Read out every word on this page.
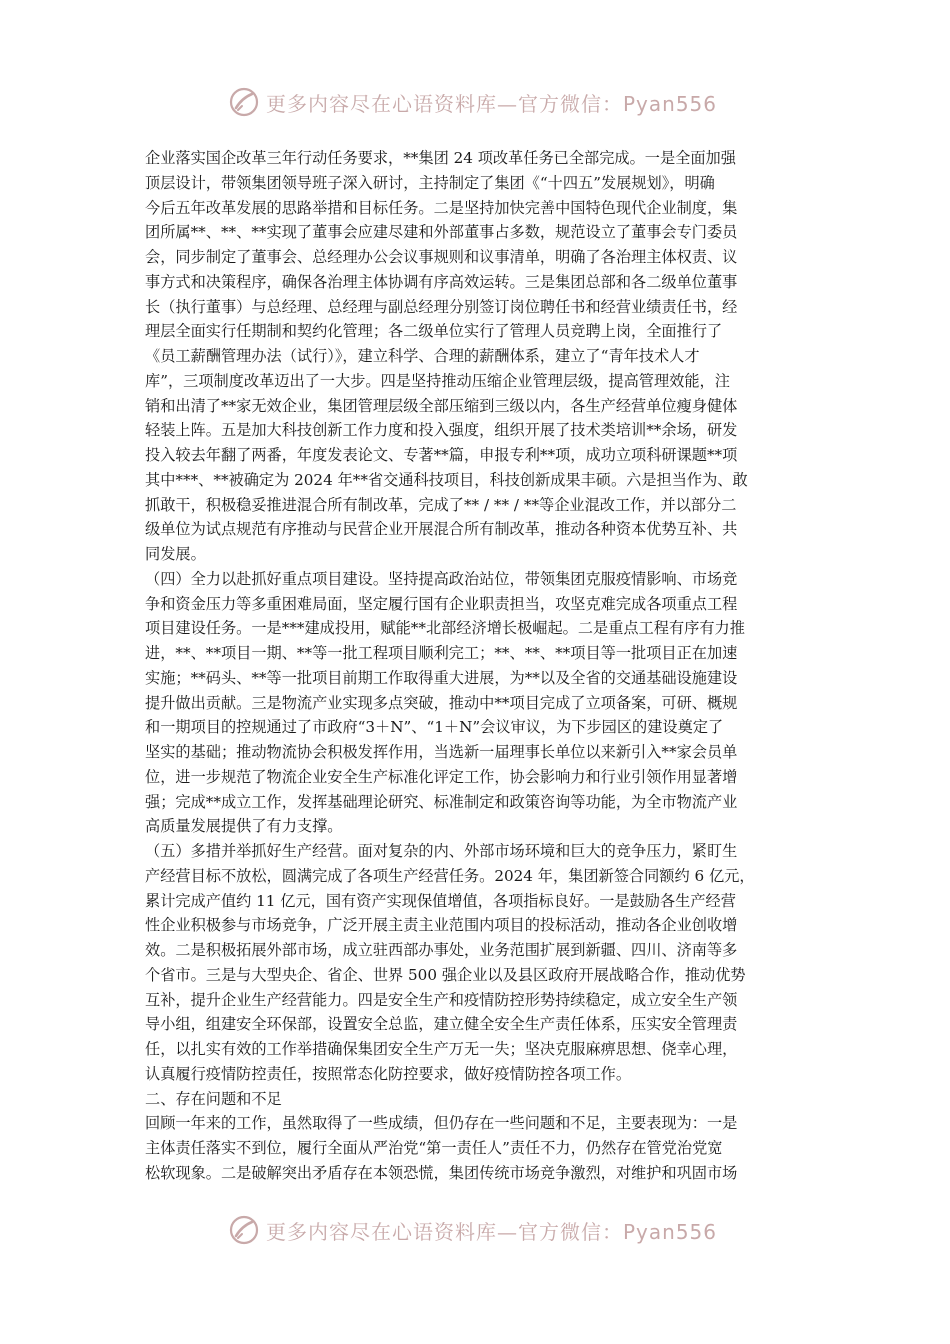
更多内容尽在心语资料库—官方微信：Pyan556
企业落实国企改革三年行动任务要求，**集团 24 项改革任务已全部完成。一是全面加强
顶层设计，带领集团领导班子深入研讨，主持制定了集团《“十四五”发展规划》，明确
今后五年改革发展的思路举措和目标任务。二是坚持加快完善中国特色现代企业制度，集
团所属**、**、**实现了董事会应建尽建和外部董事占多数，规范设立了董事会专门委员
会，同步制定了董事会、总经理办公会议事规则和议事清单，明确了各治理主体权责、议
事方式和决策程序，确保各治理主体协调有序高效运转。三是集团总部和各二级单位董事
长（执行董事）与总经理、总经理与副总经理分别签订岗位聘任书和经营业绩责任书，经
理层全面实行任期制和契约化管理；各二级单位实行了管理人员竞聘上岗，全面推行了
《员工薪酬管理办法（试行）》，建立科学、合理的薪酬体系，建立了“青年技术人才
库”，三项制度改革迈出了一大步。四是坚持推动压缩企业管理层级，提高管理效能，注
销和出清了**家无效企业，集团管理层级全部压缩到三级以内，各生产经营单位瘦身健体
轻装上阵。五是加大科技创新工作力度和投入强度，组织开展了技术类培训**余场，研发
投入较去年翻了两番，年度发表论文、专著**篇，申报专利**项，成功立项科研课题**项
其中***、**被确定为 2024 年**省交通科技项目，科技创新成果丰硕。六是担当作为、敢
抓敢干，积极稳妥推进混合所有制改革，完成了** / ** / **等企业混改工作，并以部分二
级单位为试点规范有序推动与民营企业开展混合所有制改革，推动各种资本优势互补、共
同发展。
（四）全力以赴抓好重点项目建设。坚持提高政治站位，带领集团克服疫情影响、市场竞
争和资金压力等多重困难局面，坚定履行国有企业职责担当，攻坚克难完成各项重点工程
项目建设任务。一是***建成投用，赋能**北部经济增长极崛起。二是重点工程有序有力推
进，**、**项目一期、**等一批工程项目顺利完工；**、**、**项目等一批项目正在加速
实施；**码头、**等一批项目前期工作取得重大进展，为**以及全省的交通基础设施建设
提升做出贡献。三是物流产业实现多点突破，推动中**项目完成了立项备案，可研、概规
和一期项目的控规通过了市政府“3＋N”、“1＋N”会议审议，为下步园区的建设奠定了
坚实的基础；推动物流协会积极发挥作用，当选新一届理事长单位以来新引入**家会员单
位，进一步规范了物流企业安全生产标准化评定工作，协会影响力和行业引领作用显著增
强；完成**成立工作，发挥基础理论研究、标准制定和政策咨询等功能，为全市物流产业
高质量发展提供了有力支撑。
（五）多措并举抓好生产经营。面对复杂的内、外部市场环境和巨大的竞争压力，紧盯生
产经营目标不放松，圆满完成了各项生产经营任务。2024 年，集团新签合同额约 6 亿元，
累计完成产值约 11 亿元，国有资产实现保值增值，各项指标良好。一是鼓励各生产经营
性企业积极参与市场竞争，广泛开展主责主业范围内项目的投标活动，推动各企业创收增
效。二是积极拓展外部市场，成立驻西部办事处，业务范围扩展到新疆、四川、济南等多
个省市。三是与大型央企、省企、世界 500 强企业以及县区政府开展战略合作，推动优势
互补，提升企业生产经营能力。四是安全生产和疫情防控形势持续稳定，成立安全生产领
导小组，组建安全环保部，设置安全总监，建立健全安全生产责任体系，压实安全管理责
任，以扎实有效的工作举措确保集团安全生产万无一失；坚决克服麻痹思想、侥幸心理，
认真履行疫情防控责任，按照常态化防控要求，做好疫情防控各项工作。
二、存在问题和不足
回顾一年来的工作，虽然取得了一些成绩，但仍存在一些问题和不足，主要表现为：一是
主体责任落实不到位，履行全面从严治党“第一责任人”责任不力，仍然存在管党治党宽
松软现象。二是破解突出矛盾存在本领恐慌，集团传统市场竞争激烈，对维护和巩固市场
更多内容尽在心语资料库—官方微信：Pyan556
